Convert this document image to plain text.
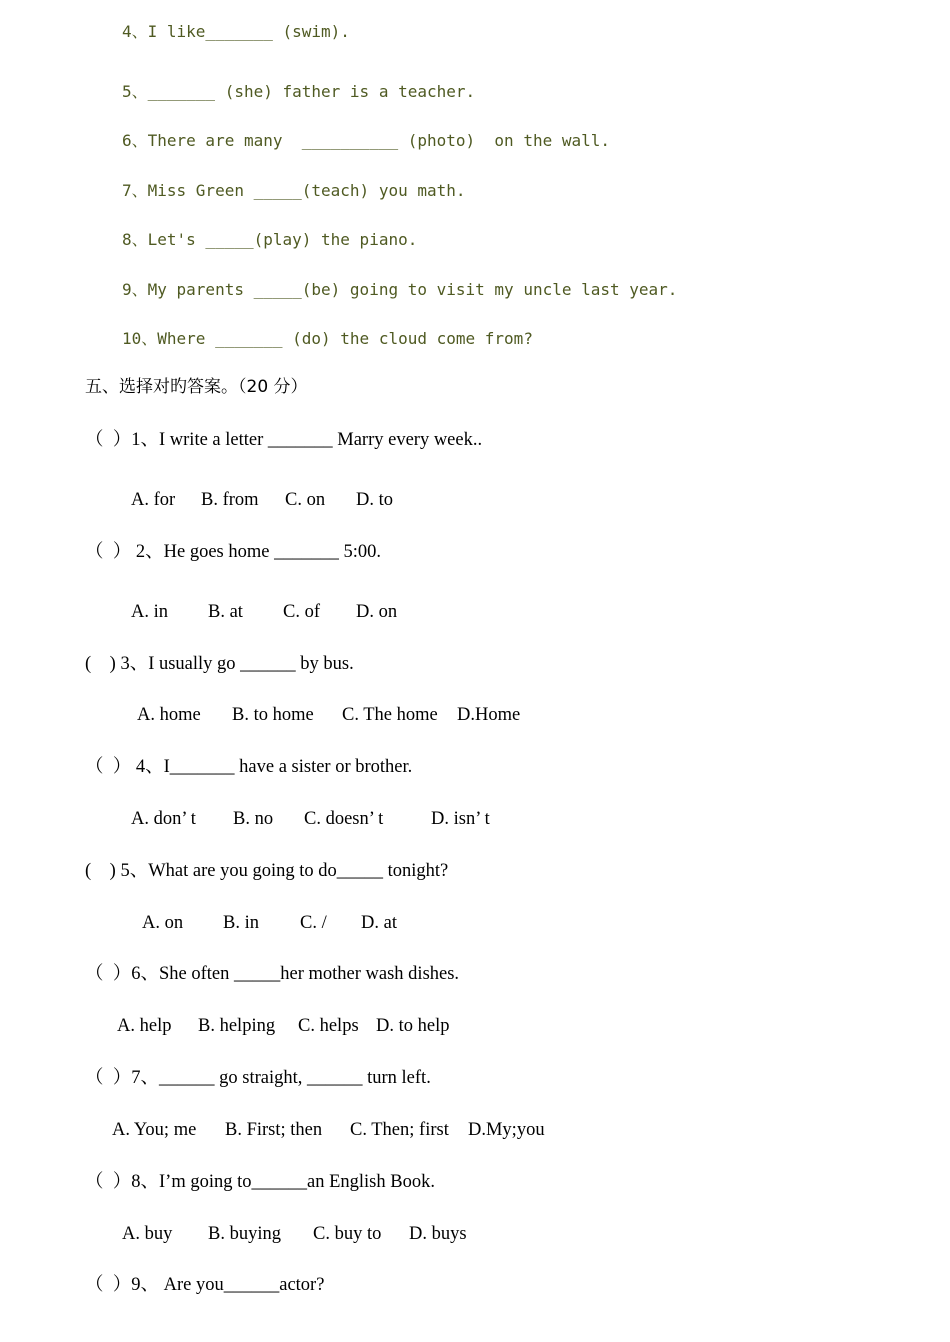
4、I like_______ (swim).
5、_______ (she) father is a teacher.
6、There are many  __________ (photo)  on the wall.
7、Miss Green _____(teach) you math.
8、Let's _____(play) the piano.
9、My parents _____(be) going to visit my uncle last year.
10、Where _______ (do) the cloud come from?
五、选择对旳答案。（20 分）
（  ）1、I write a letter _______ Marry every week..
A. for B. from C. on D. to
（  ） 2、He goes home _______ 5:00.
A. in B. at C. of D. on
(    ) 3、I usually go ______ by bus.
A. home B. to home C. The home D.Home
（  ） 4、I_______ have a sister or brother.
A. don’ t B. no C. doesn’ t	D. isn’ t
(    ) 5、What are you going to do_____ tonight?
A. on B. in C. / D. at
（  ）6、She often _____her mother wash dishes.
A. help B. helping C. helps D. to help
（  ）7、______ go straight, ______ turn left.
A. You; me B. First; then C. Then; first D.My;you
（  ）8、I’m going to______an English Book.
A. buy B. buying C. buy to D. buys
（  ）9、 Are you______actor?
